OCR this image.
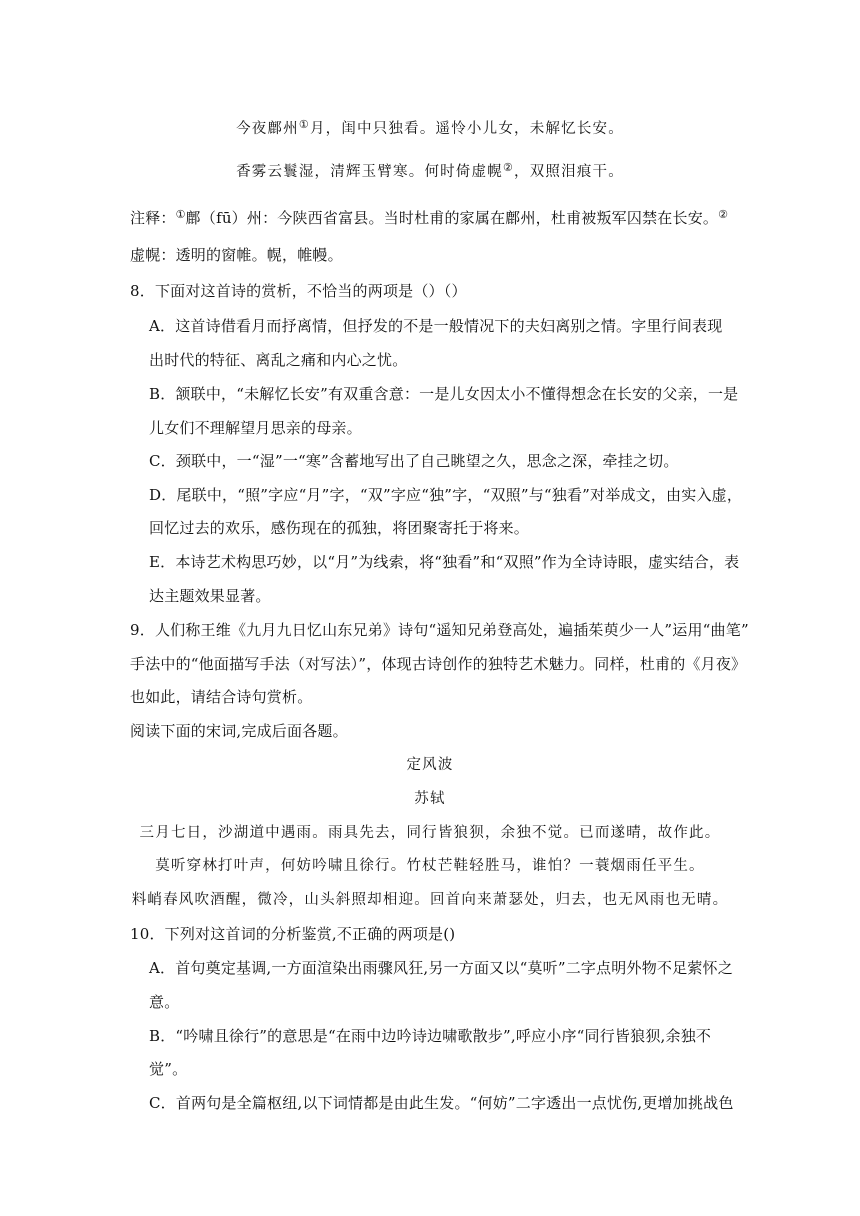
今夜鄜州①月，闺中只独看。遥怜小儿女，未解忆长安。
香雾云鬟湿，清辉玉臂寒。何时倚虚幌②，双照泪痕干。
注释：①鄜（fū）州：今陕西省富县。当时杜甫的家属在鄜州，杜甫被叛军囚禁在长安。②
虚幌：透明的窗帷。幌，帷幔。
8．下面对这首诗的赏析，不恰当的两项是（）（）
A．这首诗借看月而抒离情，但抒发的不是一般情况下的夫妇离别之情。字里行间表现
出时代的特征、离乱之痛和内心之忧。
B．颔联中，“未解忆长安”有双重含意：一是儿女因太小不懂得想念在长安的父亲，一是
儿女们不理解望月思亲的母亲。
C．颈联中，一“湿”一“寒”含蓄地写出了自己眺望之久，思念之深，牵挂之切。
D．尾联中，“照”字应“月”字，“双”字应“独”字，“双照”与“独看”对举成文，由实入虚，
回忆过去的欢乐，感伤现在的孤独，将团聚寄托于将来。
E．本诗艺术构思巧妙，以“月”为线索，将“独看”和“双照”作为全诗诗眼，虚实结合，表
达主题效果显著。
9．人们称王维《九月九日忆山东兄弟》诗句“遥知兄弟登高处，遍插茱萸少一人”运用“曲笔”
手法中的“他面描写手法（对写法）”，体现古诗创作的独特艺术魅力。同样，杜甫的《月夜》
也如此，请结合诗句赏析。
阅读下面的宋词,完成后面各题。
定风波
苏轼
三月七日，沙湖道中遇雨。雨具先去，同行皆狼狈，余独不觉。已而遂晴，故作此。
莫听穿林打叶声，何妨吟啸且徐行。竹杖芒鞋轻胜马，谁怕？一蓑烟雨任平生。
料峭春风吹酒醒，微冷，山头斜照却相迎。回首向来萧瑟处，归去，也无风雨也无晴。
10．下列对这首词的分析鉴赏,不正确的两项是()
A．首句奠定基调,一方面渲染出雨骤风狂,另一方面又以“莫听”二字点明外物不足萦怀之
意。
B．“吟啸且徐行”的意思是“在雨中边吟诗边啸歌散步”,呼应小序“同行皆狼狈,余独不
觉”。
C．首两句是全篇枢纽,以下词情都是由此生发。“何妨”二字透出一点忧伤,更增加挑战色
